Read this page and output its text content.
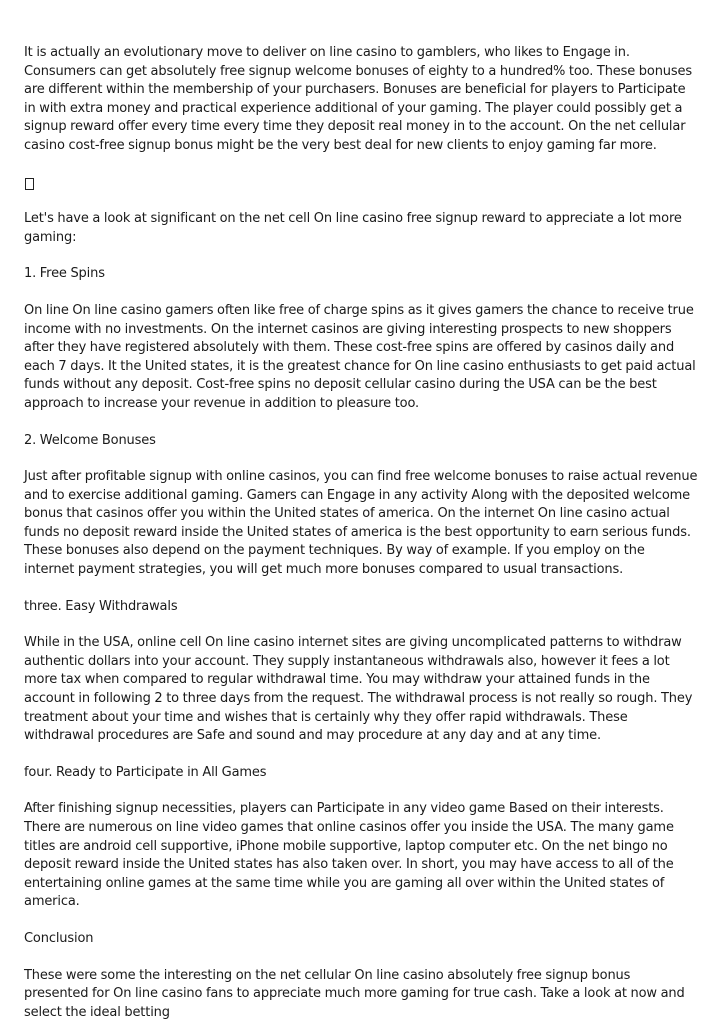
It is actually an evolutionary move to deliver on line casino to gamblers, who likes to Engage in. Consumers can get absolutely free signup welcome bonuses of eighty to a hundred% too. These bonuses are different within the membership of your purchasers. Bonuses are beneficial for players to Participate in with extra money and practical experience additional of your gaming. The player could possibly get a signup reward offer every time every time they deposit real money in to the account. On the net cellular casino cost-free signup bonus might be the very best deal for new clients to enjoy gaming far more.

Let's have a look at significant on the net cell On line casino free signup reward to appreciate a lot more gaming:

1. Free Spins

On line On line casino gamers often like free of charge spins as it gives gamers the chance to receive true income with no investments. On the internet casinos are giving interesting prospects to new shoppers after they have registered absolutely with them. These cost-free spins are offered by casinos daily and each 7 days. It the United states, it is the greatest chance for On line casino enthusiasts to get paid actual funds without any deposit. Cost-free spins no deposit cellular casino during the USA can be the best approach to increase your revenue in addition to pleasure too.

2. Welcome Bonuses

Just after profitable signup with online casinos, you can find free welcome bonuses to raise actual revenue and to exercise additional gaming. Gamers can Engage in any activity Along with the deposited welcome bonus that casinos offer you within the United states of america. On the internet On line casino actual funds no deposit reward inside the United states of america is the best opportunity to earn serious funds. These bonuses also depend on the payment techniques. By way of example. If you employ on the internet payment strategies, you will get much more bonuses compared to usual transactions.

three. Easy Withdrawals

While in the USA, online cell On line casino internet sites are giving uncomplicated patterns to withdraw authentic dollars into your account. They supply instantaneous withdrawals also, however it fees a lot more tax when compared to regular withdrawal time. You may withdraw your attained funds in the account in following 2 to three days from the request. The withdrawal process is not really so rough. They treatment about your time and wishes that is certainly why they offer rapid withdrawals. These withdrawal procedures are Safe and sound and may procedure at any day and at any time.

four. Ready to Participate in All Games

After finishing signup necessities, players can Participate in any video game Based on their interests. There are numerous on line video games that online casinos offer you inside the USA. The many game titles are android cell supportive, iPhone mobile supportive, laptop computer etc. On the net bingo no deposit reward inside the United states has also taken over. In short, you may have access to all of the entertaining online games at the same time while you are gaming all over within the United states of america.

Conclusion

These were some the interesting on the net cellular On line casino absolutely free signup bonus presented for On line casino fans to appreciate much more gaming for true cash. Take a look at now and select the ideal betting
